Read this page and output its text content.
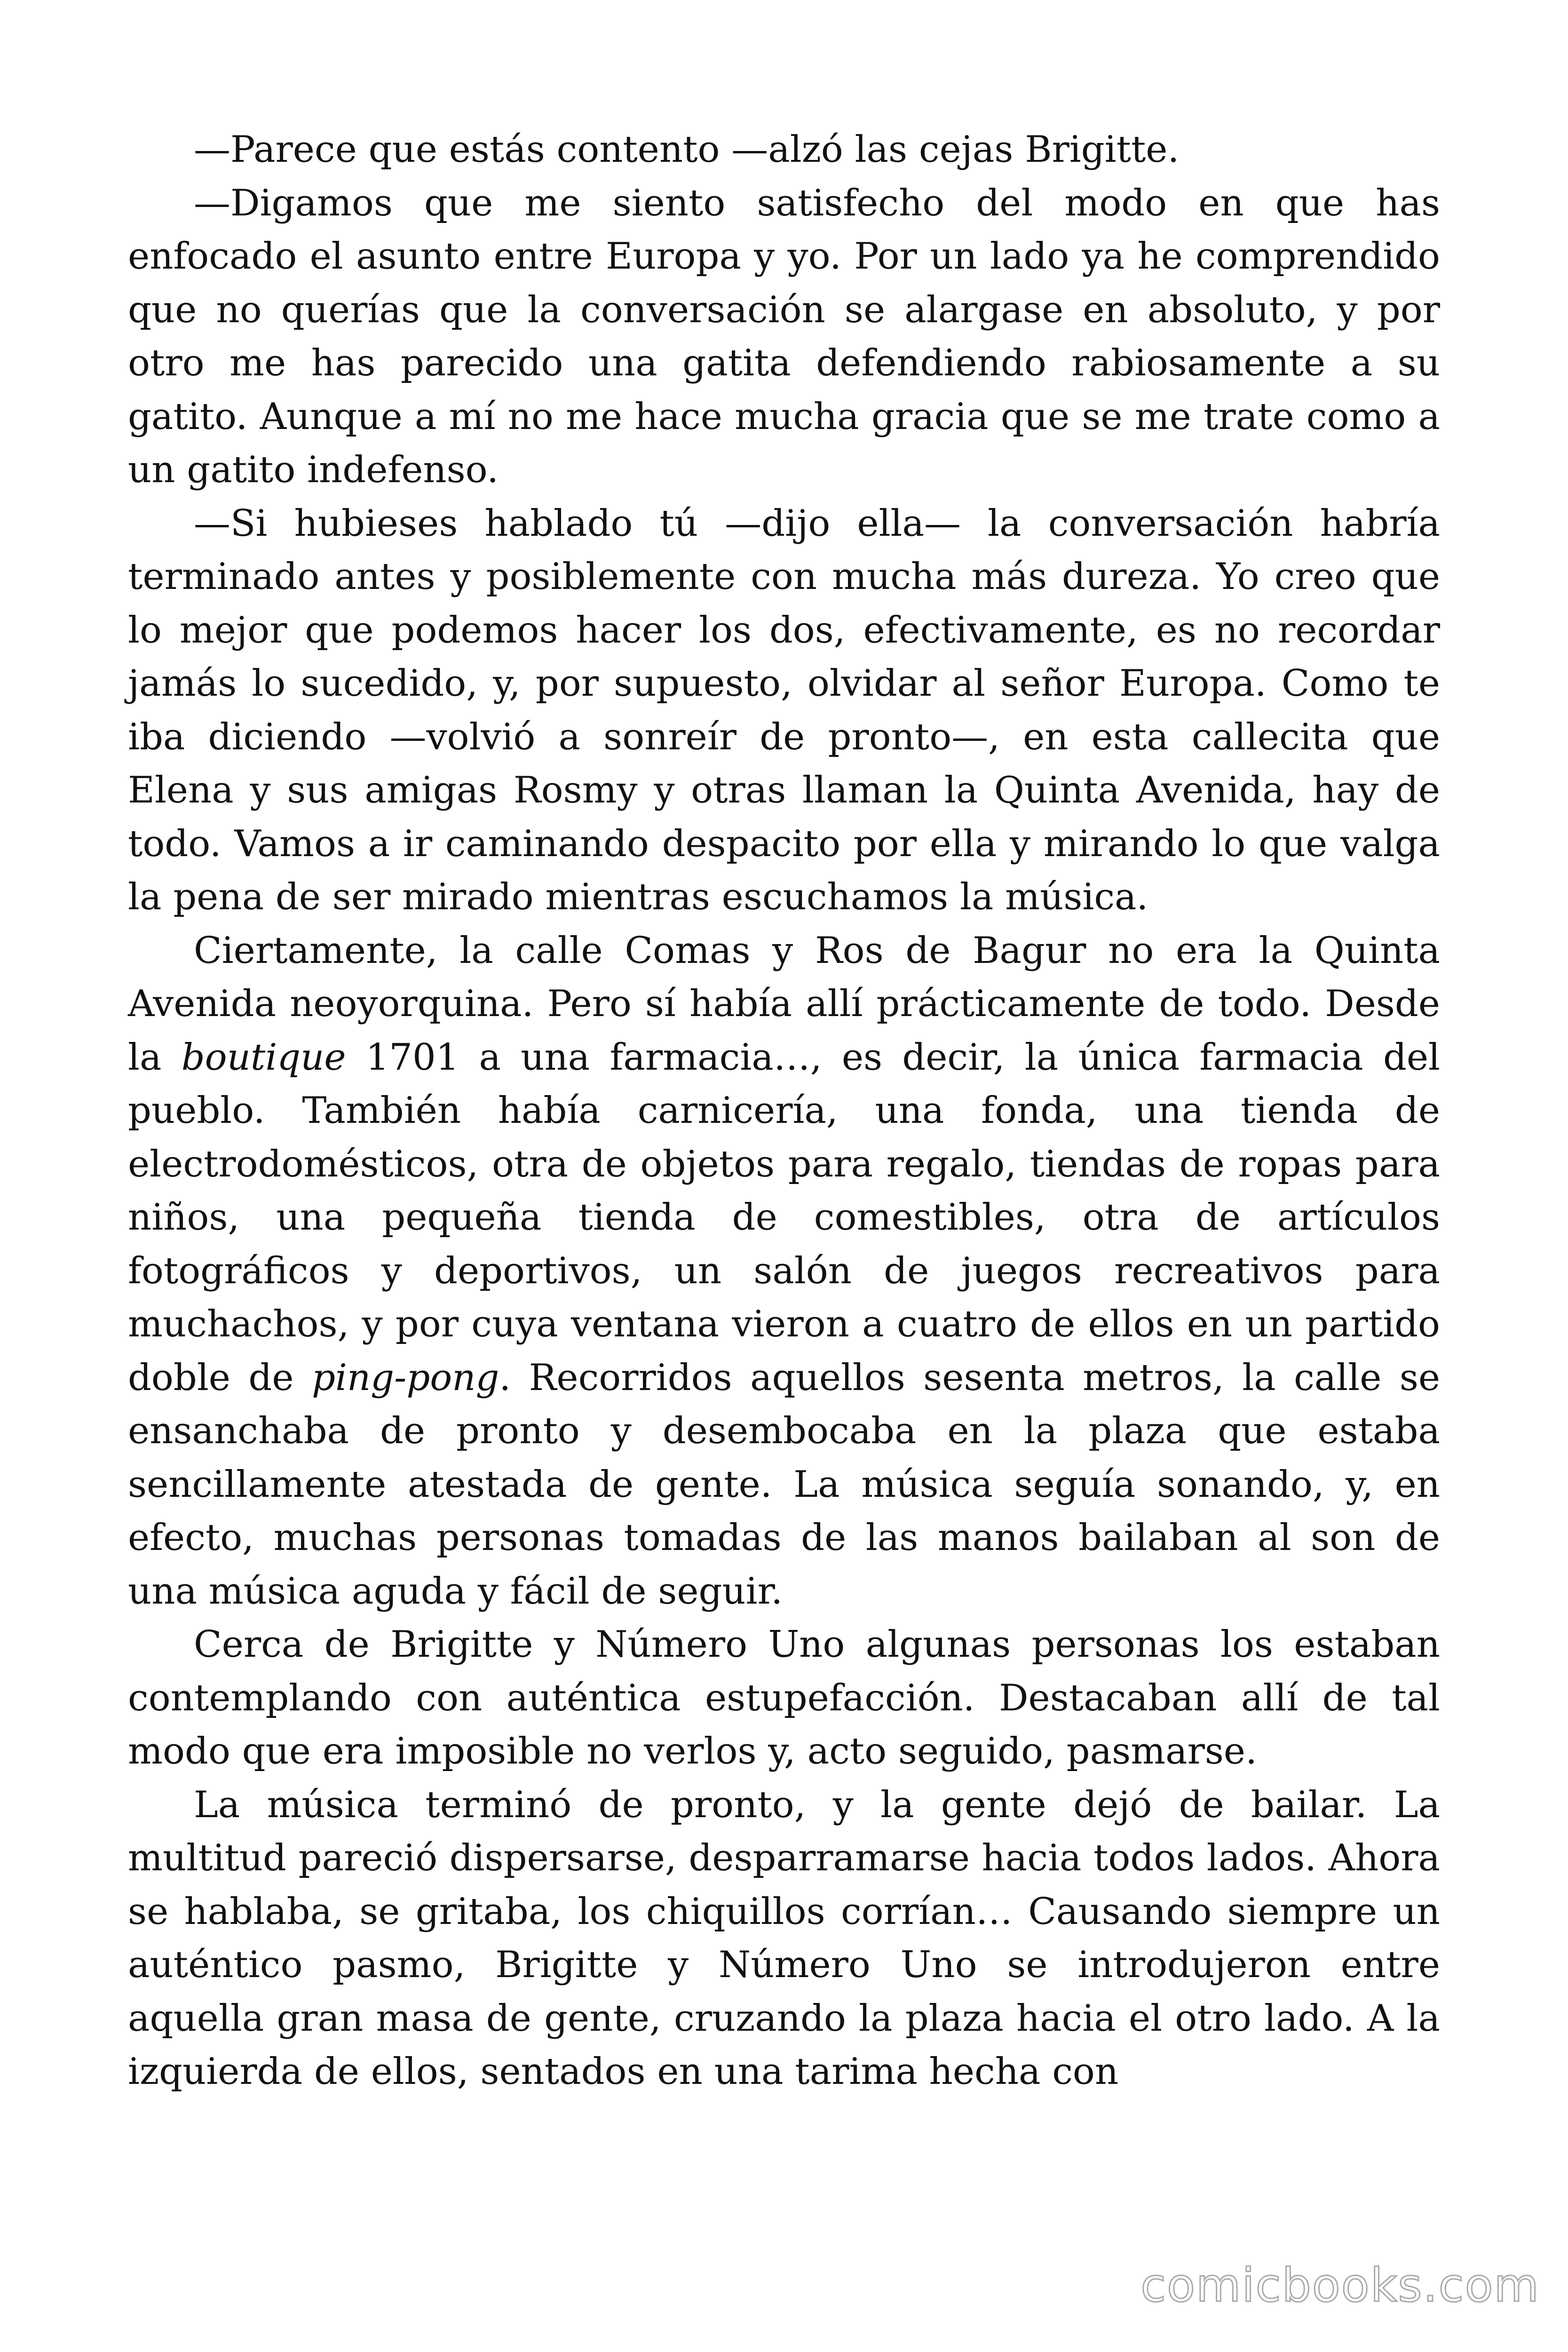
—Parece que estás contento —alzó las cejas Brigitte.

—Digamos que me siento satisfecho del modo en que has enfocado el asunto entre Europa y yo. Por un lado ya he comprendido que no querías que la conversación se alargase en absoluto, y por otro me has parecido una gatita defendiendo rabiosamente a su gatito. Aunque a mí no me hace mucha gracia que se me trate como a un gatito indefenso.

—Si hubieses hablado tú —dijo ella— la conversación habría terminado antes y posiblemente con mucha más dureza. Yo creo que lo mejor que podemos hacer los dos, efectivamente, es no recordar jamás lo sucedido, y, por supuesto, olvidar al señor Europa. Como te iba diciendo —volvió a sonreír de pronto—, en esta callecita que Elena y sus amigas Rosmy y otras llaman la Quinta Avenida, hay de todo. Vamos a ir caminando despacito por ella y mirando lo que valga la pena de ser mirado mientras escuchamos la música.

Ciertamente, la calle Comas y Ros de Bagur no era la Quinta Avenida neoyorquina. Pero sí había allí prácticamente de todo. Desde la boutique 1701 a una farmacia…, es decir, la única farmacia del pueblo. También había carnicería, una fonda, una tienda de electrodomésticos, otra de objetos para regalo, tiendas de ropas para niños, una pequeña tienda de comestibles, otra de artículos fotográficos y deportivos, un salón de juegos recreativos para muchachos, y por cuya ventana vieron a cuatro de ellos en un partido doble de ping-pong. Recorridos aquellos sesenta metros, la calle se ensanchaba de pronto y desembocaba en la plaza que estaba sencillamente atestada de gente. La música seguía sonando, y, en efecto, muchas personas tomadas de las manos bailaban al son de una música aguda y fácil de seguir.

Cerca de Brigitte y Número Uno algunas personas los estaban contemplando con auténtica estupefacción. Destacaban allí de tal modo que era imposible no verlos y, acto seguido, pasmarse.

La música terminó de pronto, y la gente dejó de bailar. La multitud pareció dispersarse, desparramarse hacia todos lados. Ahora se hablaba, se gritaba, los chiquillos corrían… Causando siempre un auténtico pasmo, Brigitte y Número Uno se introdujeron entre aquella gran masa de gente, cruzando la plaza hacia el otro lado. A la izquierda de ellos, sentados en una tarima hecha con

comicbooks.com
